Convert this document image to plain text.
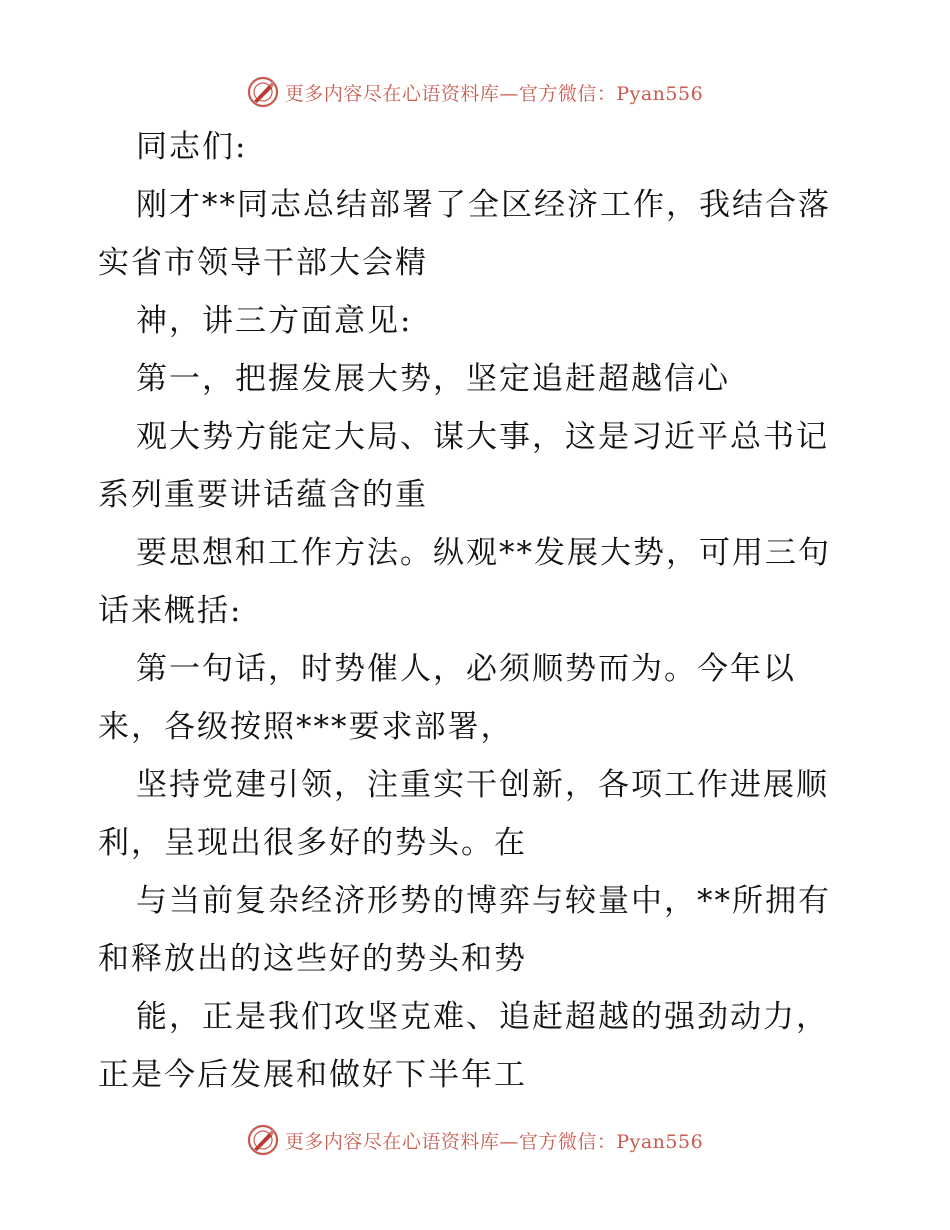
更多内容尽在心语资料库—官方微信：Pyan556
同志们:
刚才**同志总结部署了全区经济工作，我结合落
实省市领导干部大会精
神，讲三方面意见:
第一，把握发展大势，坚定追赶超越信心
观大势方能定大局、谋大事，这是习近平总书记
系列重要讲话蕴含的重
要思想和工作方法。纵观**发展大势，可用三句
话来概括:
第一句话，时势催人，必须顺势而为。今年以
来，各级按照***要求部署，
坚持党建引领，注重实干创新，各项工作进展顺
利，呈现出很多好的势头。在
与当前复杂经济形势的博弈与较量中，**所拥有
和释放出的这些好的势头和势
能，正是我们攻坚克难、追赶超越的强劲动力，
正是今后发展和做好下半年工
更多内容尽在心语资料库—官方微信：Pyan556
